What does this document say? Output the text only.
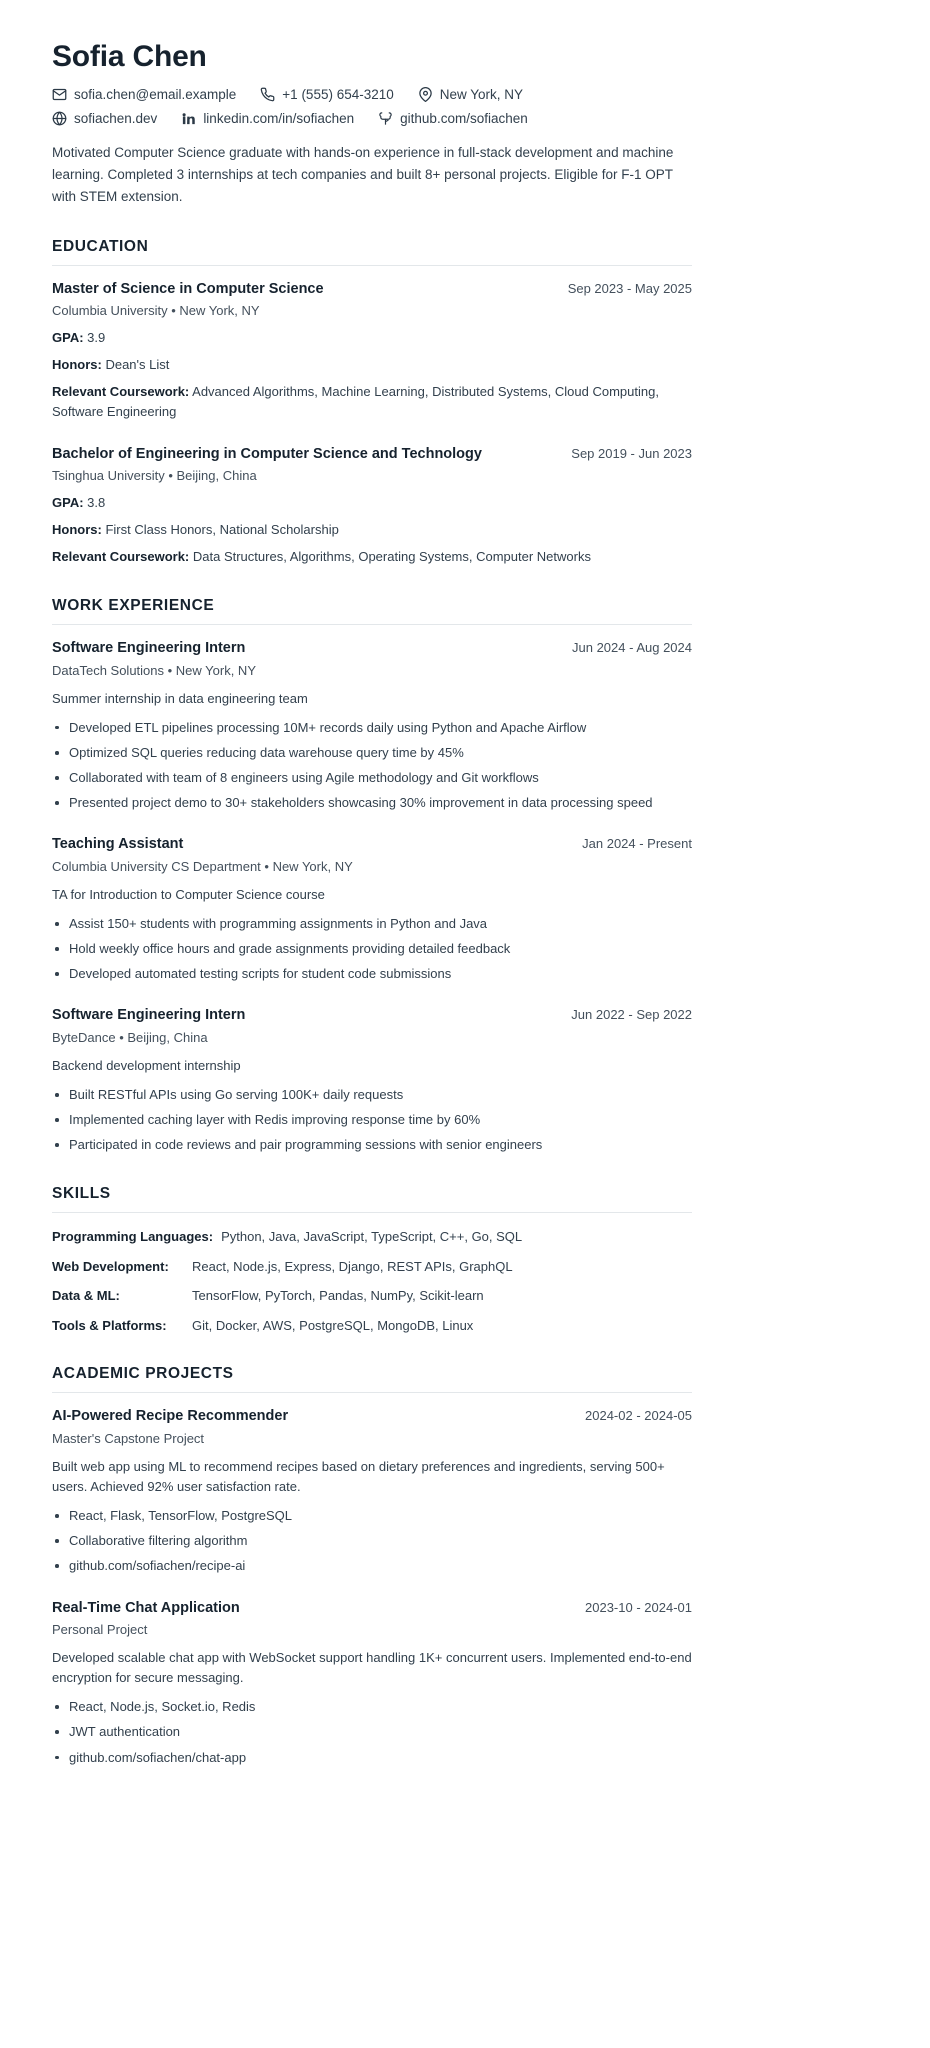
Sofia Chen
sofia.chen@email.example	+1 (555) 654-3210	New York, NY
sofiachen.dev	linkedin.com/in/sofiachen	github.com/sofiachen

Motivated Computer Science graduate with hands-on experience in full-stack development and machine learning. Completed 3 internships at tech companies and built 8+ personal projects. Eligible for F-1 OPT with STEM extension.

EDUCATION
Master of Science in Computer Science	Sep 2023 - May 2025
Columbia University • New York, NY
GPA: 3.9
Honors: Dean's List
Relevant Coursework: Advanced Algorithms, Machine Learning, Distributed Systems, Cloud Computing, Software Engineering
Bachelor of Engineering in Computer Science and Technology	Sep 2019 - Jun 2023
Tsinghua University • Beijing, China
GPA: 3.8
Honors: First Class Honors, National Scholarship
Relevant Coursework: Data Structures, Algorithms, Operating Systems, Computer Networks
WORK EXPERIENCE
Software Engineering Intern	Jun 2024 - Aug 2024
DataTech Solutions • New York, NY
Summer internship in data engineering team
Developed ETL pipelines processing 10M+ records daily using Python and Apache Airflow
Optimized SQL queries reducing data warehouse query time by 45%
Collaborated with team of 8 engineers using Agile methodology and Git workflows
Presented project demo to 30+ stakeholders showcasing 30% improvement in data processing speed
Teaching Assistant	Jan 2024 - Present
Columbia University CS Department • New York, NY
TA for Introduction to Computer Science course
Assist 150+ students with programming assignments in Python and Java
Hold weekly office hours and grade assignments providing detailed feedback
Developed automated testing scripts for student code submissions
Software Engineering Intern	Jun 2022 - Sep 2022
ByteDance • Beijing, China
Backend development internship
Built RESTful APIs using Go serving 100K+ daily requests
Implemented caching layer with Redis improving response time by 60%
Participated in code reviews and pair programming sessions with senior engineers
SKILLS
Programming Languages: Python, Java, JavaScript, TypeScript, C++, Go, SQL
Web Development:	React, Node.js, Express, Django, REST APIs, GraphQL
Data & ML:	TensorFlow, PyTorch, Pandas, NumPy, Scikit-learn
Tools & Platforms:	Git, Docker, AWS, PostgreSQL, MongoDB, Linux
ACADEMIC PROJECTS
AI-Powered Recipe Recommender	2024-02 - 2024-05
Master's Capstone Project
Built web app using ML to recommend recipes based on dietary preferences and ingredients, serving 500+ users. Achieved 92% user satisfaction rate.
React, Flask, TensorFlow, PostgreSQL
Collaborative filtering algorithm
github.com/sofiachen/recipe-ai
Real-Time Chat Application	2023-10 - 2024-01
Personal Project
Developed scalable chat app with WebSocket support handling 1K+ concurrent users. Implemented end-to-end encryption for secure messaging.
React, Node.js, Socket.io, Redis
JWT authentication
github.com/sofiachen/chat-app
